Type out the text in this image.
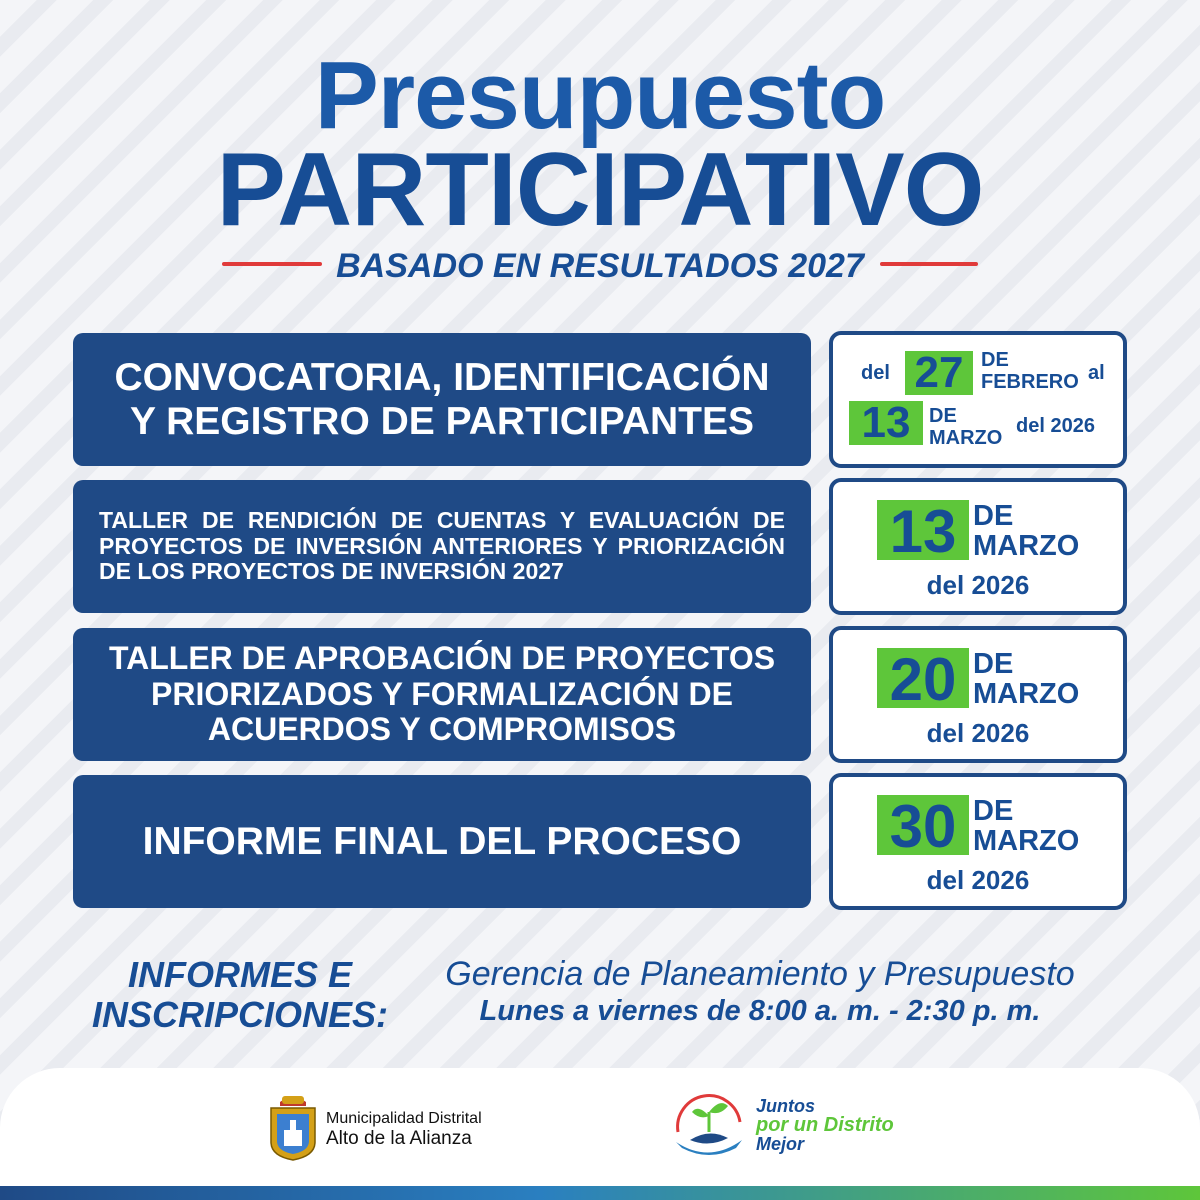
Presupuesto
PARTICIPATIVO
BASADO EN RESULTADOS 2027
CONVOCATORIA, IDENTIFICACIÓN Y REGISTRO DE PARTICIPANTES
del 27 DE
FEBRERO al
13 DE
MARZO
del 2026
TALLER DE RENDICIÓN DE CUENTAS Y EVALUACIÓN DE PROYECTOS DE INVERSIÓN ANTERIORES Y PRIORIZACIÓN DE LOS PROYECTOS DE INVERSIÓN 2027
13 DE
MARZO
del 2026
TALLER DE APROBACIÓN DE PROYECTOS PRIORIZADOS Y FORMALIZACIÓN DE ACUERDOS Y COMPROMISOS
20 DE
MARZO
del 2026
INFORME FINAL DEL PROCESO 30 DE
MARZO
del 2026
INFORMES E
INSCRIPCIONES:
Gerencia de Planeamiento y Presupuesto
Lunes a viernes de 8:00 a. m. - 2:30 p. m.
Municipalidad Distrital
Alto de la Alianza
Juntos
por un Distrito
Mejor
